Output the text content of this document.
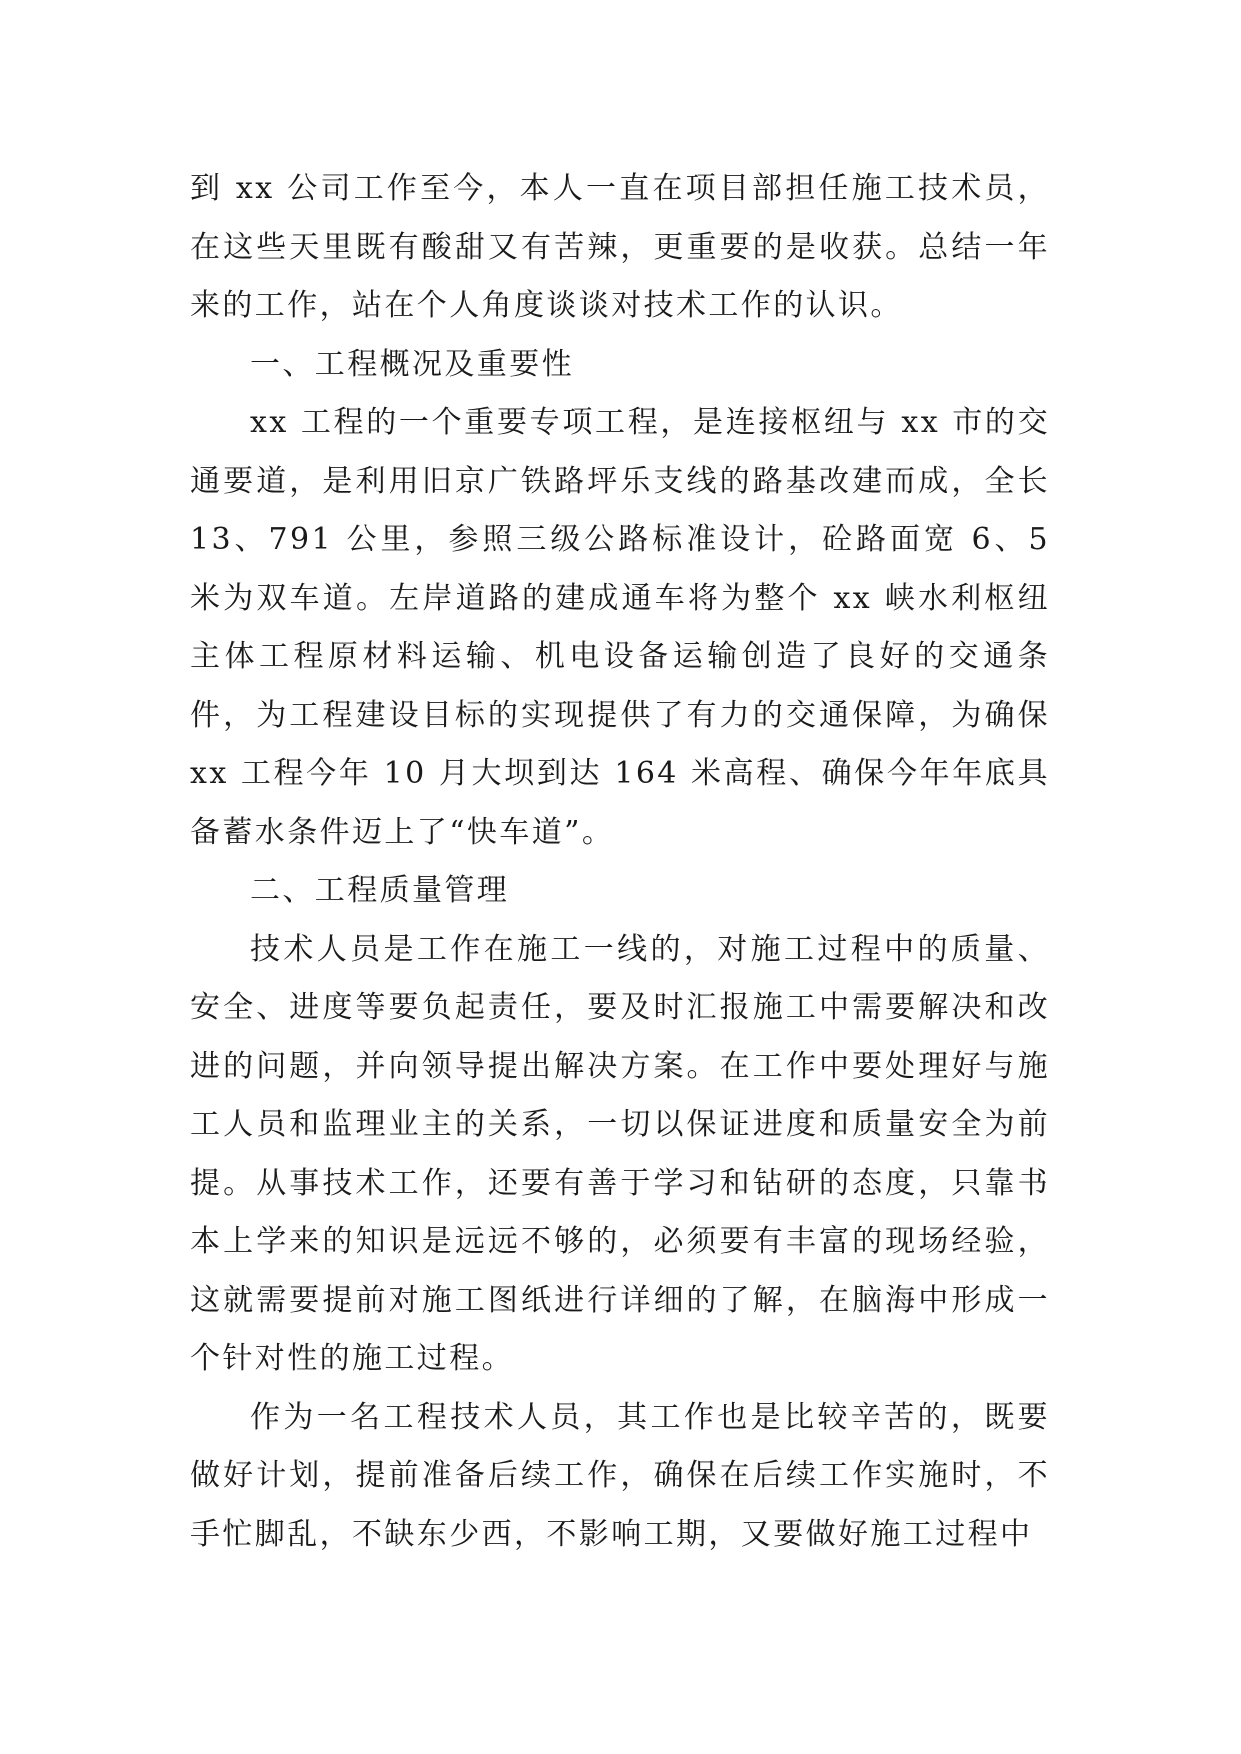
到 xx 公司工作至今，本人一直在项目部担任施工技术员，在这些天里既有酸甜又有苦辣，更重要的是收获。总结一年来的工作，站在个人角度谈谈对技术工作的认识。

一、工程概况及重要性

xx 工程的一个重要专项工程，是连接枢纽与 xx 市的交通要道，是利用旧京广铁路坪乐支线的路基改建而成，全长 13、791 公里，参照三级公路标准设计，砼路面宽 6、5 米为双车道。左岸道路的建成通车将为整个 xx 峡水利枢纽主体工程原材料运输、机电设备运输创造了良好的交通条件，为工程建设目标的实现提供了有力的交通保障，为确保 xx 工程今年 10 月大坝到达 164 米高程、确保今年年底具备蓄水条件迈上了“快车道”。

二、工程质量管理

技术人员是工作在施工一线的，对施工过程中的质量、安全、进度等要负起责任，要及时汇报施工中需要解决和改进的问题，并向领导提出解决方案。在工作中要处理好与施工人员和监理业主的关系，一切以保证进度和质量安全为前提。从事技术工作，还要有善于学习和钻研的态度，只靠书本上学来的知识是远远不够的，必须要有丰富的现场经验，这就需要提前对施工图纸进行详细的了解，在脑海中形成一个针对性的施工过程。

作为一名工程技术人员，其工作也是比较辛苦的，既要做好计划，提前准备后续工作，确保在后续工作实施时，不手忙脚乱，不缺东少西，不影响工期，又要做好施工过程中
